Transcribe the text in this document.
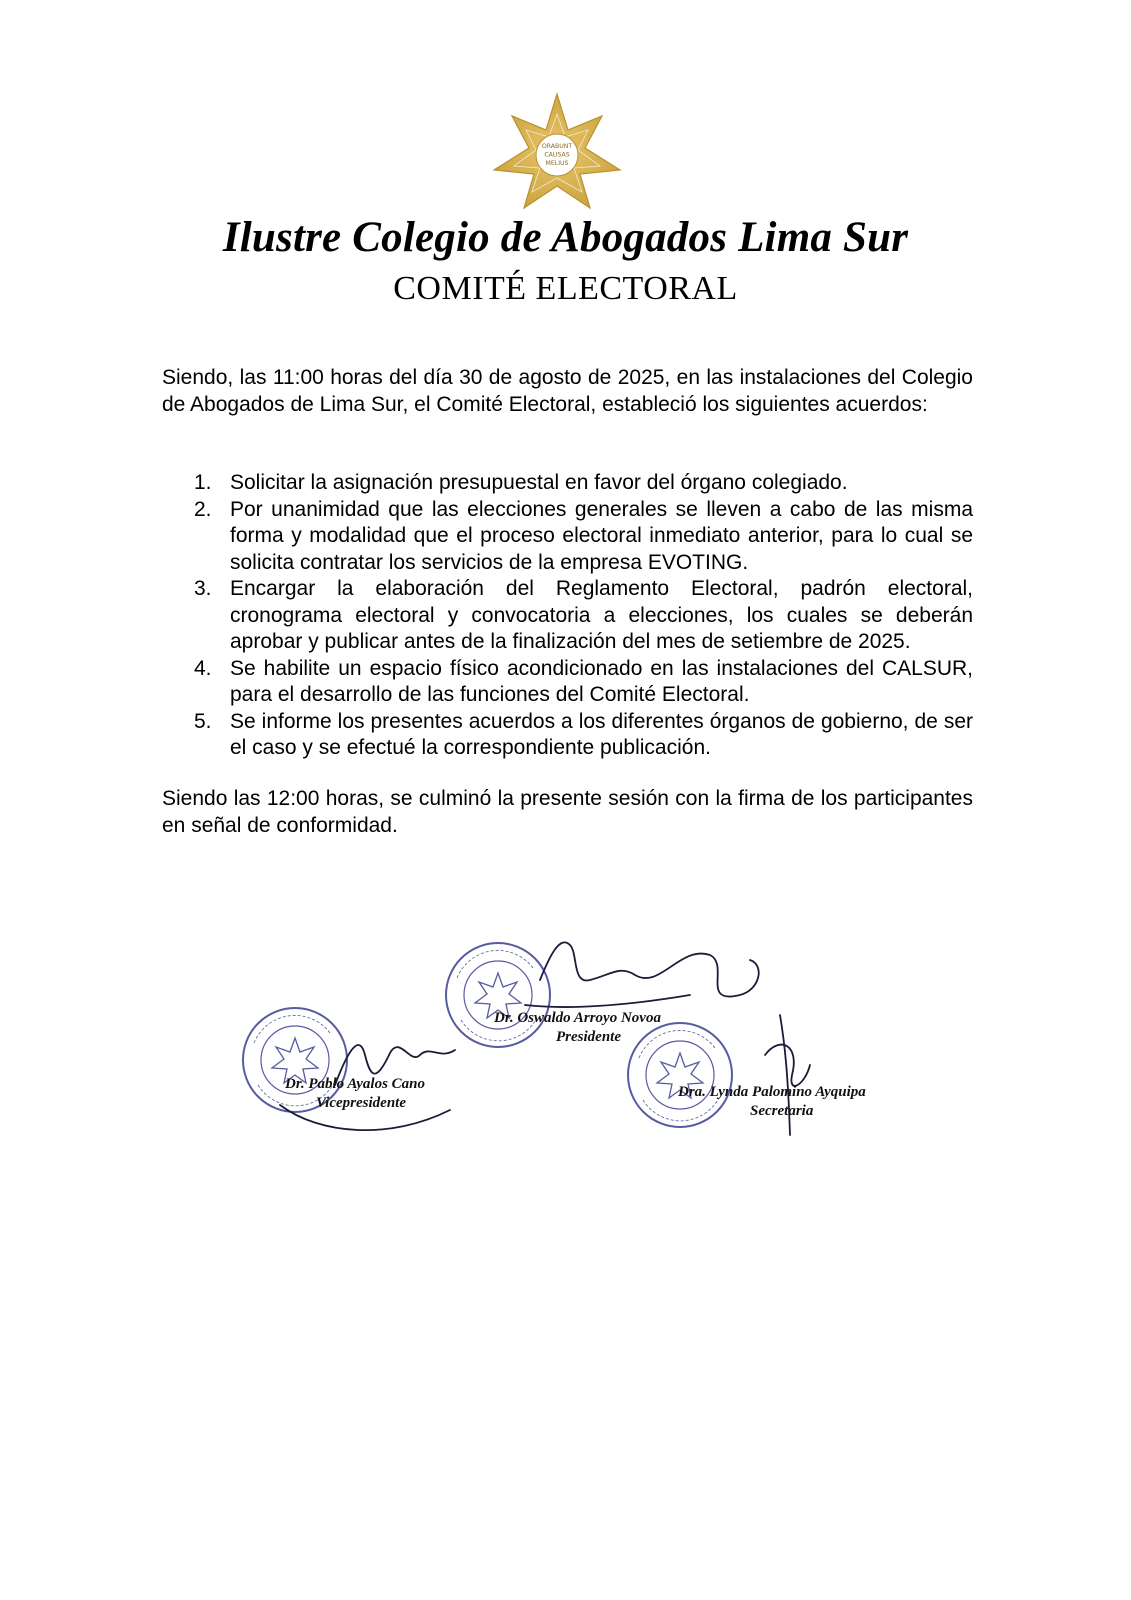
ORABUNT
CAUSAS
MELIUS
Ilustre Colegio de Abogados Lima Sur
COMITÉ ELECTORAL

Siendo, las 11:00 horas del día 30 de agosto de 2025, en las instalaciones del Colegio de Abogados de Lima Sur, el Comité Electoral, estableció los siguientes acuerdos:

1. Solicitar la asignación presupuestal en favor del órgano colegiado.
2. Por unanimidad que las elecciones generales se lleven a cabo de las misma forma y modalidad que el proceso electoral inmediato anterior, para lo cual se solicita contratar los servicios de la empresa EVOTING.
3. Encargar la elaboración del Reglamento Electoral, padrón electoral, cronograma electoral y convocatoria a elecciones, los cuales se deberán aprobar y publicar antes de la finalización del mes de setiembre de 2025.
4. Se habilite un espacio físico acondicionado en las instalaciones del CALSUR, para el desarrollo de las funciones del Comité Electoral.
5. Se informe los presentes acuerdos a los diferentes órganos de gobierno, de ser el caso y se efectué la correspondiente publicación.

Siendo las 12:00 horas, se culminó la presente sesión con la firma de los participantes en señal de conformidad.

Dr. Oswaldo Arroyo Novoa
Presidente
Dr. Pablo Ayalos Cano
Vicepresidente
Dra. Lynda Palomino Ayquipa
Secretaria
